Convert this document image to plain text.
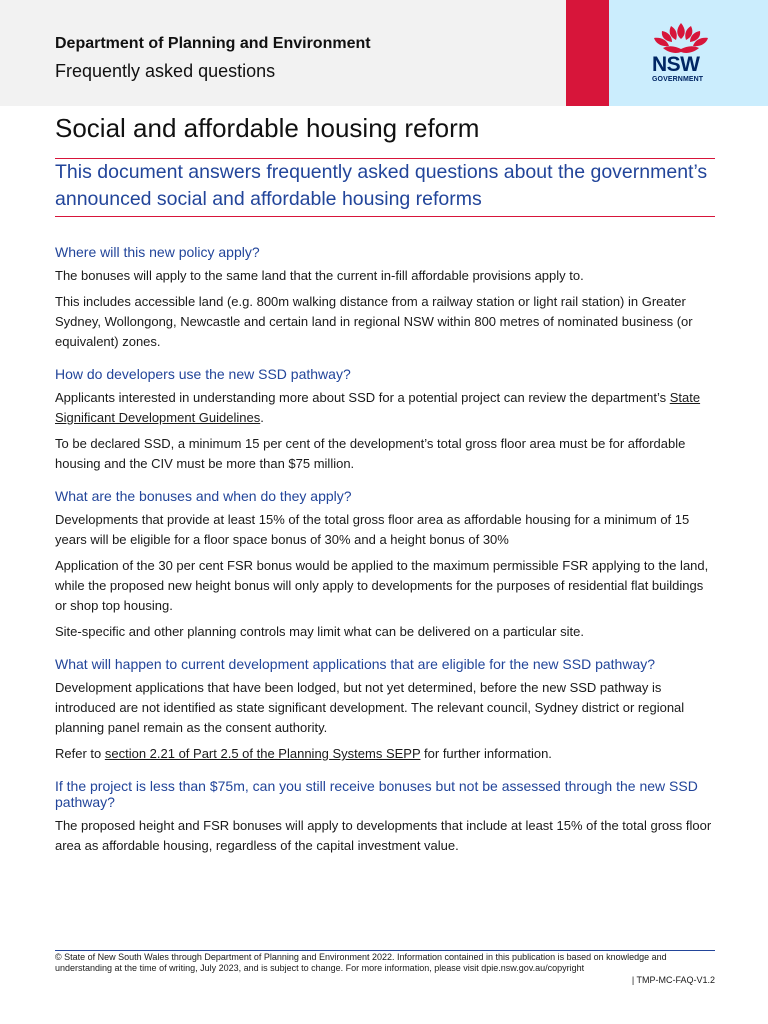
NSW
GOVERNMENT
Department of Planning and Environment
Frequently asked questions
Social and affordable housing reform
This document answers frequently asked questions about the government’s announced social and affordable housing reforms
Where will this new policy apply?

The bonuses will apply to the same land that the current in-fill affordable provisions apply to.

This includes accessible land (e.g. 800m walking distance from a railway station or light rail station) in Greater Sydney, Wollongong, Newcastle and certain land in regional NSW within 800 metres of nominated business (or equivalent) zones.

How do developers use the new SSD pathway?

Applicants interested in understanding more about SSD for a potential project can review the department’s State Significant Development Guidelines.

To be declared SSD, a minimum 15 per cent of the development’s total gross floor area must be for affordable housing and the CIV must be more than $75 million.

What are the bonuses and when do they apply?

Developments that provide at least 15% of the total gross floor area as affordable housing for a minimum of 15 years will be eligible for a floor space bonus of 30% and a height bonus of 30%

Application of the 30 per cent FSR bonus would be applied to the maximum permissible FSR applying to the land, while the proposed new height bonus will only apply to developments for the purposes of residential flat buildings or shop top housing.

Site-specific and other planning controls may limit what can be delivered on a particular site.

What will happen to current development applications that are eligible for the new SSD pathway?

Development applications that have been lodged, but not yet determined, before the new SSD pathway is introduced are not identified as state significant development. The relevant council, Sydney district or regional planning panel remain as the consent authority.

Refer to section 2.21 of Part 2.5 of the Planning Systems SEPP for further information.

If the project is less than $75m, can you still receive bonuses but not be assessed through the new SSD pathway?

The proposed height and FSR bonuses will apply to developments that include at least 15% of the total gross floor area as affordable housing, regardless of the capital investment value.

© State of New South Wales through Department of Planning and Environment 2022. Information contained in this publication is based on knowledge and understanding at the time of writing, July 2023, and is subject to change. For more information, please visit dpie.nsw.gov.au/copyright
| TMP-MC-FAQ-V1.2
